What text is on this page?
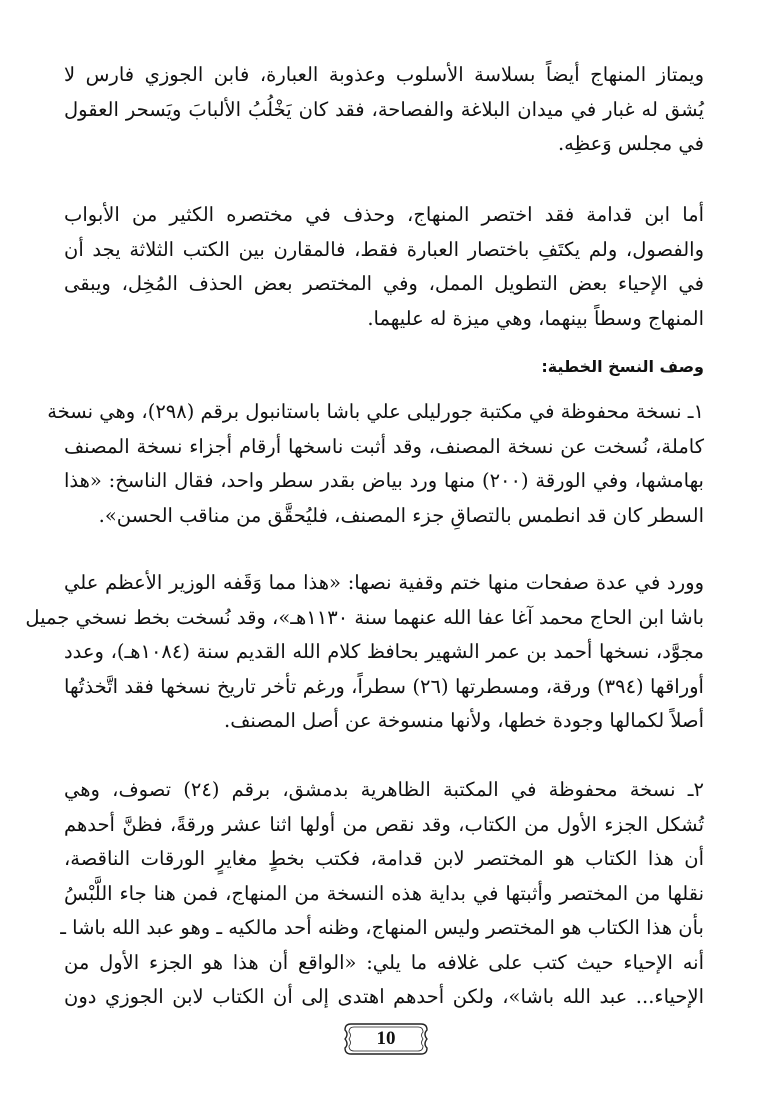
ويمتاز المنهاج أيضاً بسلاسة الأسلوب وعذوبة العبارة، فابن الجوزي فارس لا
يُشق له غبار في ميدان البلاغة والفصاحة، فقد كان يَخْلُبُ الألبابَ ويَسحر العقول
في مجلس وَعظِه.
أما ابن قدامة فقد اختصر المنهاج، وحذف في مختصره الكثير من الأبواب
والفصول، ولم يكتَفِ باختصار العبارة فقط، فالمقارن بين الكتب الثلاثة يجد أن
في الإحياء بعض التطويل الممل، وفي المختصر بعض الحذف المُخِل، ويبقى
المنهاج وسطاً بينهما، وهي ميزة له عليهما.
وصف النسخ الخطية:
١ـ نسخة محفوظة في مكتبة جورليلى علي باشا باستانبول برقم (٢٩٨)، وهي نسخة
كاملة، نُسخت عن نسخة المصنف، وقد أثبت ناسخها أرقام أجزاء نسخة المصنف
بهامشها، وفي الورقة (٢٠٠) منها ورد بياض بقدر سطر واحد، فقال الناسخ: «هذا
السطر كان قد انطمس بالتصاقِ جزء المصنف، فليُحقَّق من مناقب الحسن».
وورد في عدة صفحات منها ختم وقفية نصها: «هذا مما وَقَفه الوزير الأعظم علي
باشا ابن الحاج محمد آغا عفا الله عنهما سنة ١١٣٠هـ»، وقد نُسخت بخط نسخي جميل
مجوَّد، نسخها أحمد بن عمر الشهير بحافظ كلام الله القديم سنة (١٠٨٤هـ)، وعدد
أوراقها (٣٩٤) ورقة، ومسطرتها (٢٦) سطراً، ورغم تأخر تاريخ نسخها فقد اتَّخذتُها
أصلاً لكمالها وجودة خطها، ولأنها منسوخة عن أصل المصنف.
٢ـ نسخة محفوظة في المكتبة الظاهرية بدمشق، برقم (٢٤) تصوف، وهي
تُشكل الجزء الأول من الكتاب، وقد نقص من أولها اثنا عشر ورقةً، فظنَّ أحدهم
أن هذا الكتاب هو المختصر لابن قدامة، فكتب بخطٍ مغايرٍ الورقات الناقصة،
نقلها من المختصر وأثبتها في بداية هذه النسخة من المنهاج، فمن هنا جاء اللَّبْسُ
بأن هذا الكتاب هو المختصر وليس المنهاج، وظنه أحد مالكيه ـ وهو عبد الله باشا ـ
أنه الإحياء حيث كتب على غلافه ما يلي: «الواقع أن هذا هو الجزء الأول من
الإحياء... عبد الله باشا»، ولكن أحدهم اهتدى إلى أن الكتاب لابن الجوزي دون
10
